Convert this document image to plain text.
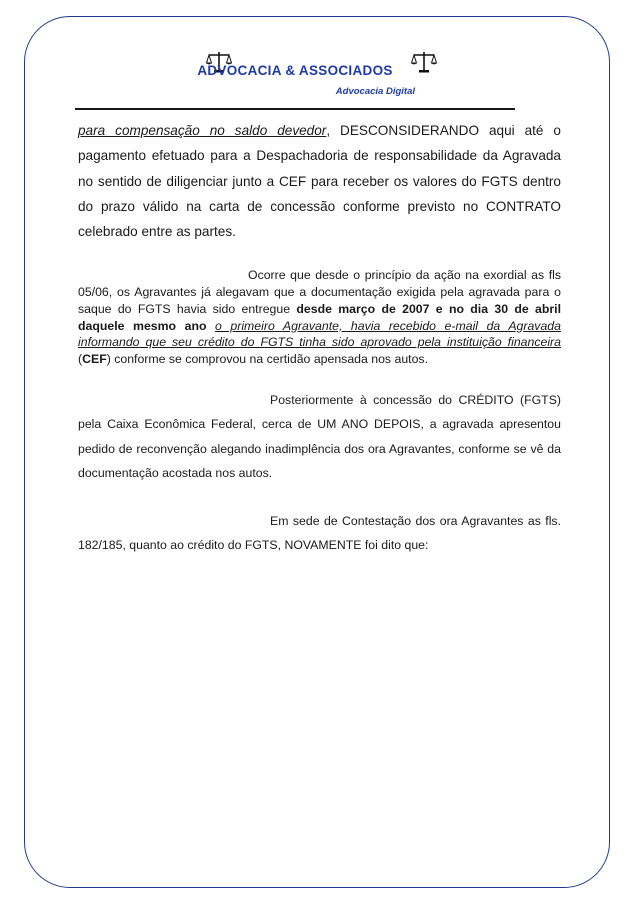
ADVOCACIA & ASSOCIADOS
Advocacia Digital

para compensação no saldo devedor, DESCONSIDERANDO aqui até o pagamento efetuado para a Despachadoria de responsabilidade da Agravada no sentido de diligenciar junto a CEF para receber os valores do FGTS dentro do prazo válido na carta de concessão conforme previsto no CONTRATO celebrado entre as partes.

Ocorre que desde o princípio da ação na exordial as fls 05/06, os Agravantes já alegavam que a documentação exigida pela agravada para o saque do FGTS havia sido entregue desde março de 2007 e no dia 30 de abril daquele mesmo ano o primeiro Agravante, havia recebido e-mail da Agravada informando que seu crédito do FGTS tinha sido aprovado pela instituição financeira (CEF) conforme se comprovou na certidão apensada nos autos.

Posteriormente à concessão do CRÉDITO (FGTS) pela Caixa Econômica Federal, cerca de UM ANO DEPOIS, a agravada apresentou pedido de reconvenção alegando inadimplência dos ora Agravantes, conforme se vê da documentação acostada nos autos.

Em sede de Contestação dos ora Agravantes as fls. 182/185, quanto ao crédito do FGTS, NOVAMENTE foi dito que:
